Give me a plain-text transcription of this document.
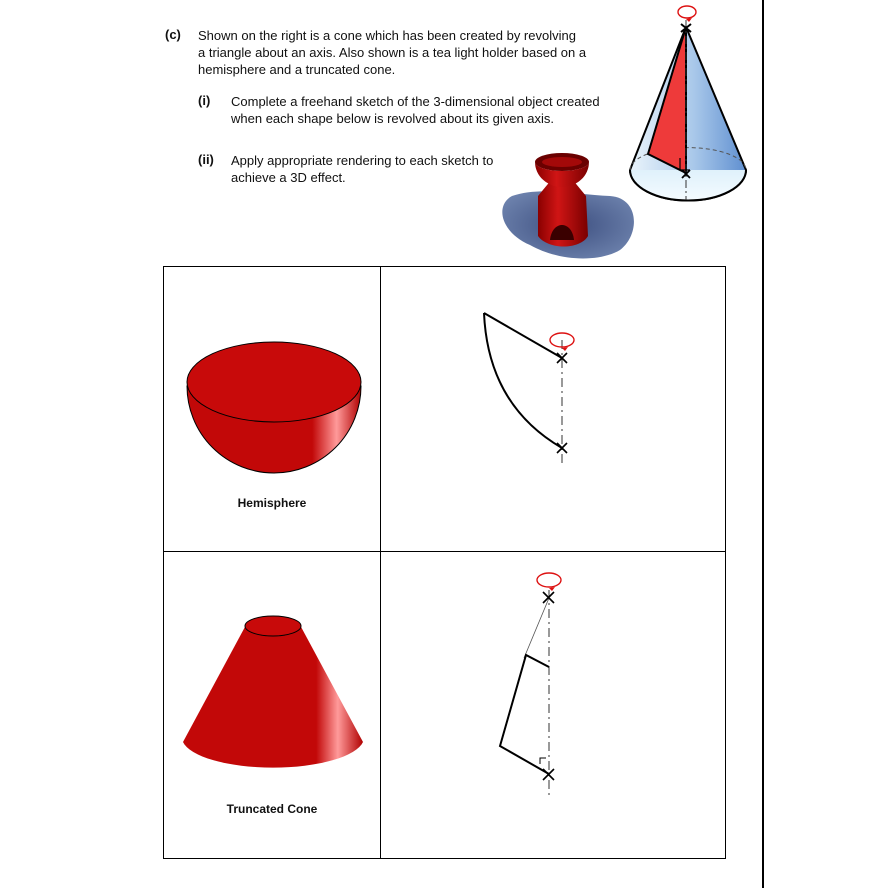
(c) Shown on the right is a cone which has been created by revolving
a triangle about an axis. Also shown is a tea light holder based on a
hemisphere and a truncated cone.
(i) Complete a freehand sketch of the 3-dimensional object created
when each shape below is revolved about its given axis.
(ii) Apply appropriate rendering to each sketch to
achieve a 3D effect.
Hemisphere
Truncated Cone
